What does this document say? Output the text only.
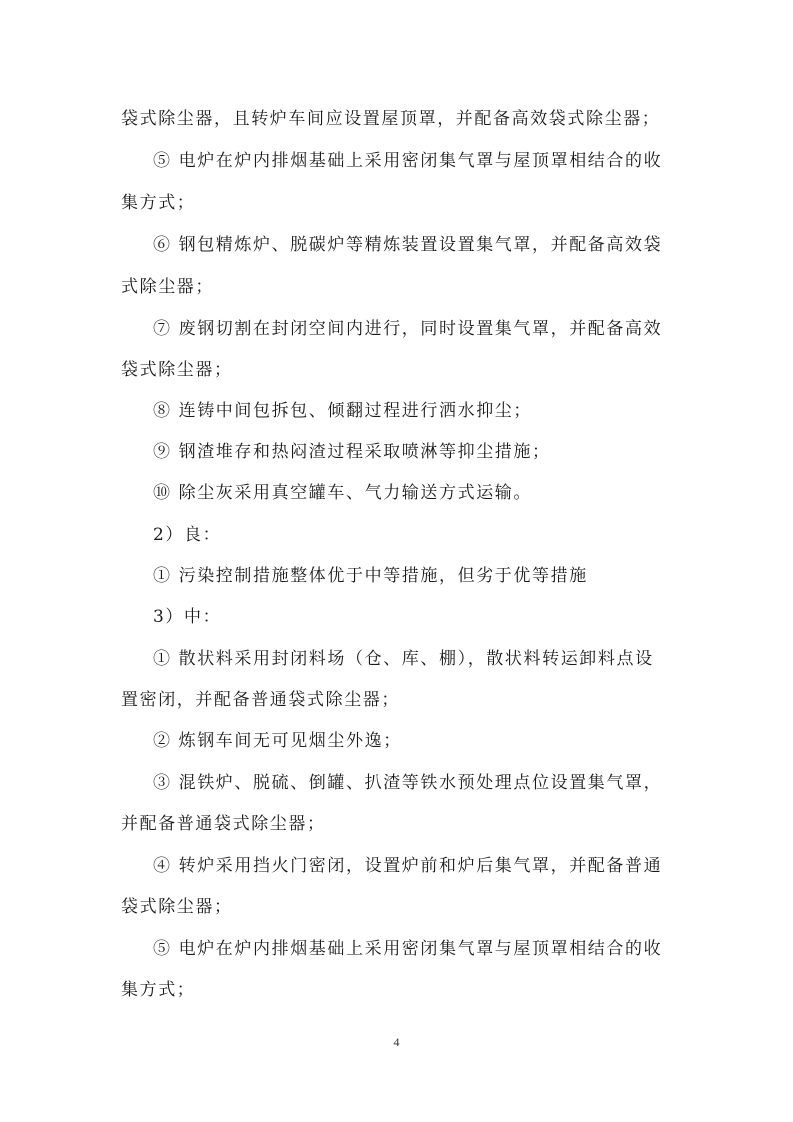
袋式除尘器，且转炉车间应设置屋顶罩，并配备高效袋式除尘器；
⑤ 电炉在炉内排烟基础上采用密闭集气罩与屋顶罩相结合的收
集方式；
⑥ 钢包精炼炉、脱碳炉等精炼装置设置集气罩，并配备高效袋
式除尘器；
⑦ 废钢切割在封闭空间内进行，同时设置集气罩，并配备高效
袋式除尘器；
⑧ 连铸中间包拆包、倾翻过程进行洒水抑尘；
⑨ 钢渣堆存和热闷渣过程采取喷淋等抑尘措施；
⑩ 除尘灰采用真空罐车、气力输送方式运输。
2）良：
① 污染控制措施整体优于中等措施，但劣于优等措施
3）中：
① 散状料采用封闭料场（仓、库、棚），散状料转运卸料点设
置密闭，并配备普通袋式除尘器；
② 炼钢车间无可见烟尘外逸；
③ 混铁炉、脱硫、倒罐、扒渣等铁水预处理点位设置集气罩，
并配备普通袋式除尘器；
④ 转炉采用挡火门密闭，设置炉前和炉后集气罩，并配备普通
袋式除尘器；
⑤ 电炉在炉内排烟基础上采用密闭集气罩与屋顶罩相结合的收
集方式；
4
